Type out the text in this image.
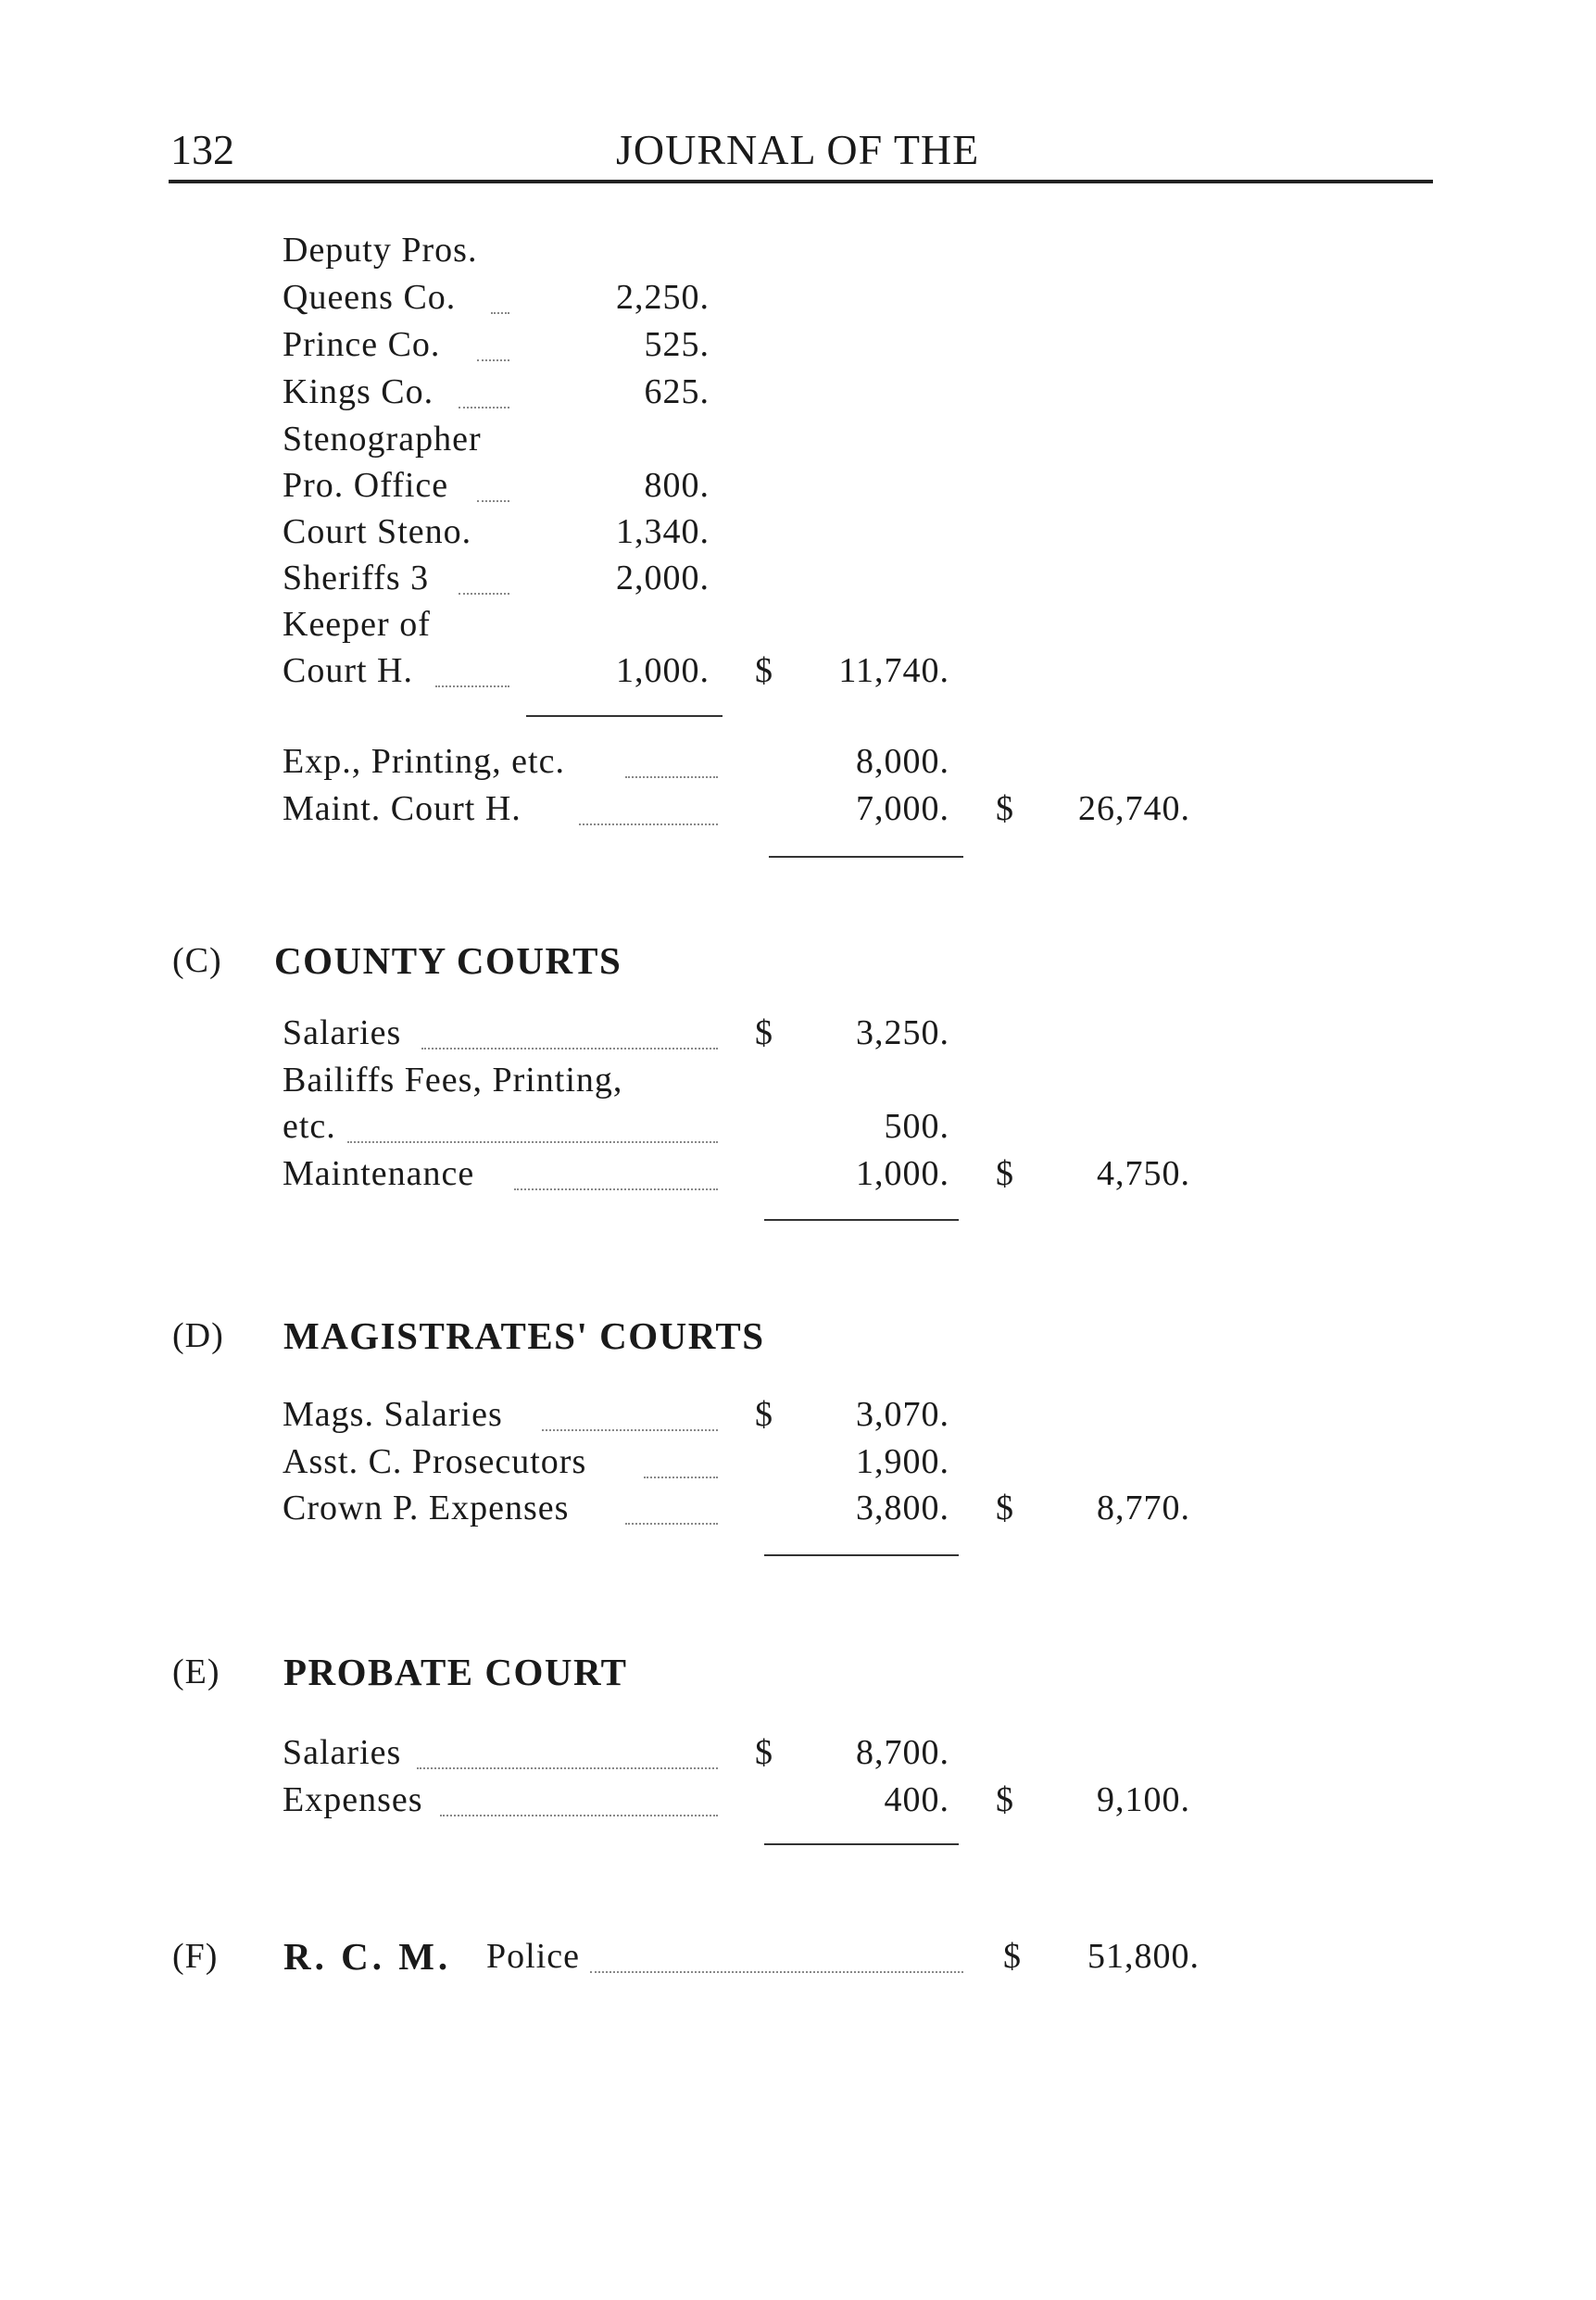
132	JOURNAL OF THE
Deputy Pros.
Queens Co.	2,250.
Prince Co.	525.
Kings Co.	625.
Stenographer
Pro. Office	800.
Court Steno.	1,340.
Sheriffs 3	2,000.
Keeper of
Court H.	1,000. $	11,740.
Exp., Printing, etc.	8,000.
Maint. Court H.	7,000. $	26,740.
(C) COUNTY COURTS
Salaries	$	3,250.
Bailiffs Fees, Printing,
etc.	500.
Maintenance	1,000. $	4,750.
(D) MAGISTRATES' COURTS
Mags. Salaries	$	3,070.
Asst. C. Prosecutors	1,900.
Crown P. Expenses	3,800. $	8,770.
(E) PROBATE COURT
Salaries	$	8,700.
Expenses	400. $	9,100.
(F) R. C. M. Police	$	51,800.
